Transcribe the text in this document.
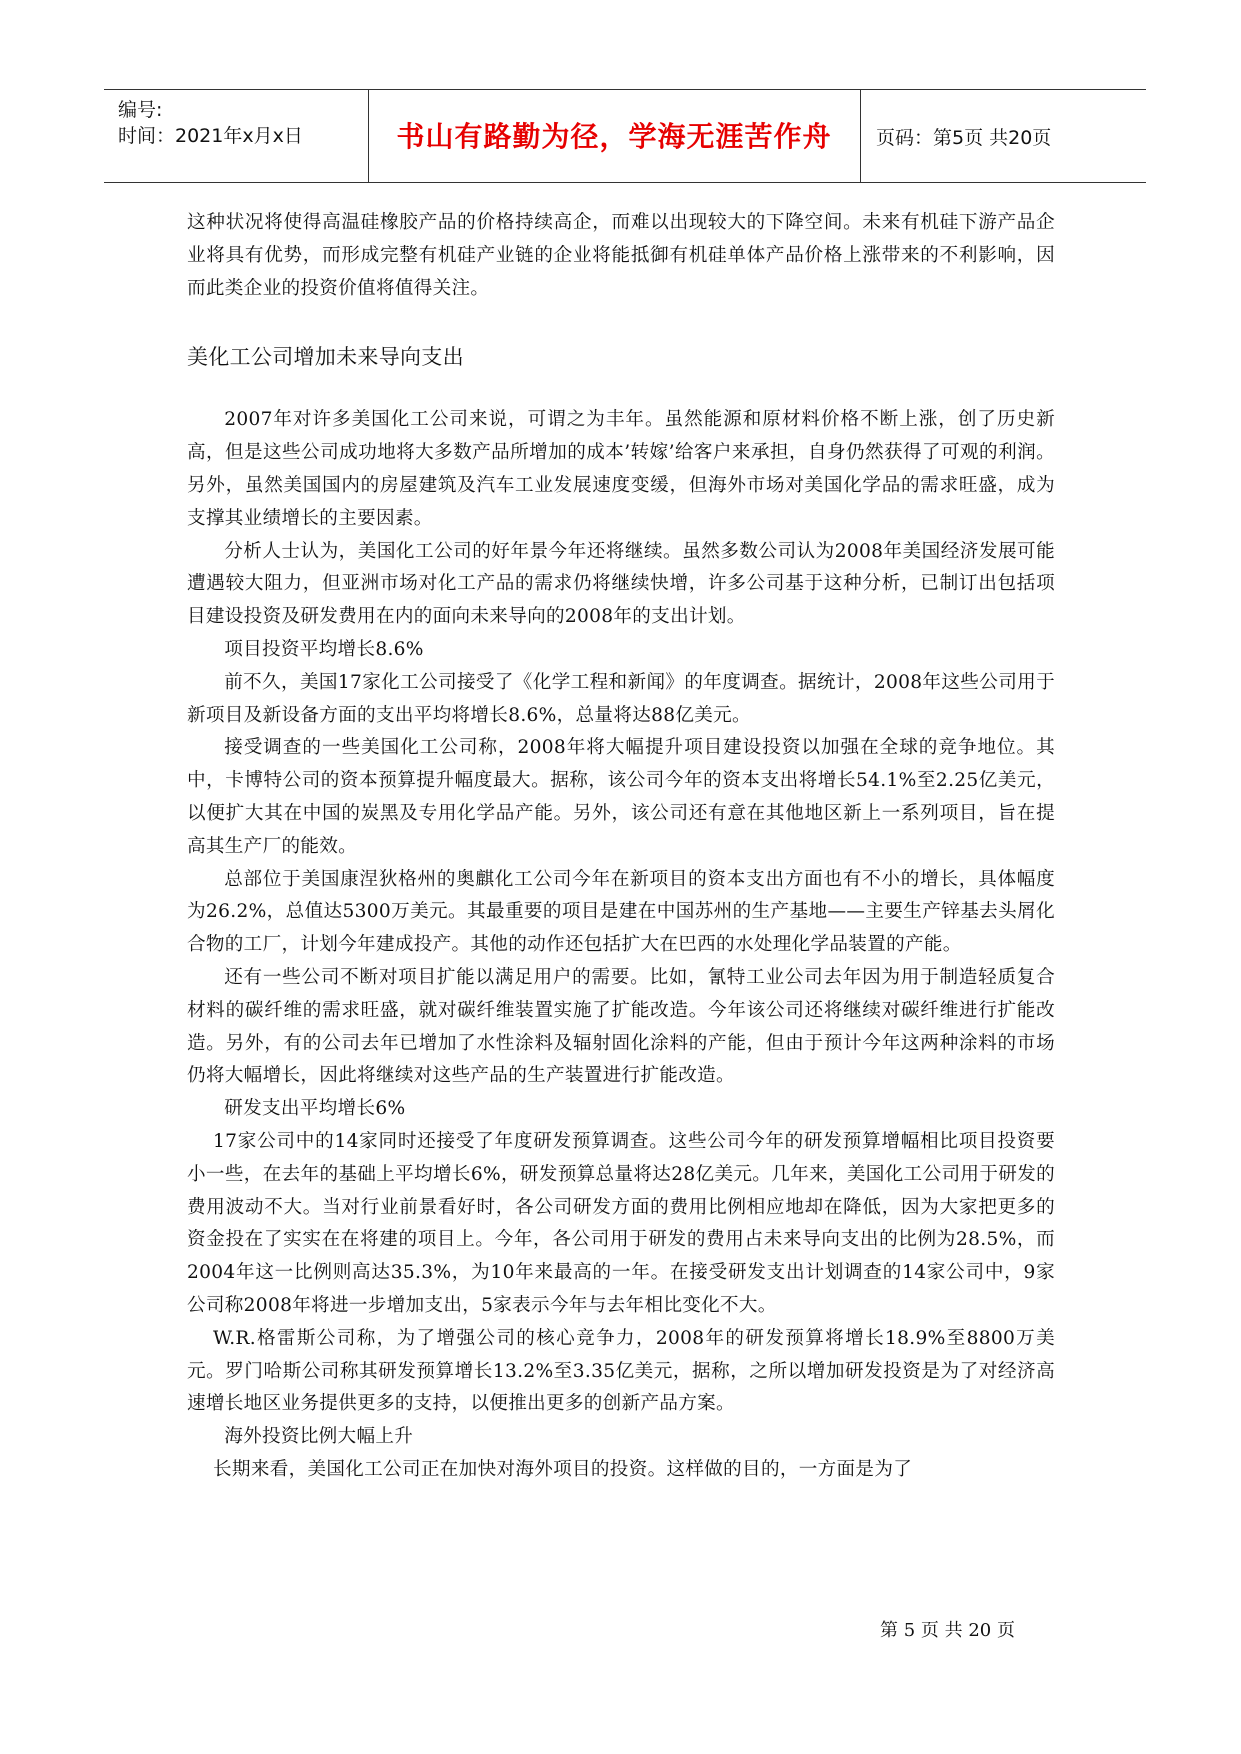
编号:
时间：2021年x月x日	书山有路勤为径，学海无涯苦作舟	页码：第5页 共20页

这种状况将使得高温硅橡胶产品的价格持续高企，而难以出现较大的下降空间。未来有机硅下游产品企业将具有优势，而形成完整有机硅产业链的企业将能抵御有机硅单体产品价格上涨带来的不利影响，因而此类企业的投资价值将值得关注。

美化工公司增加未来导向支出

2007年对许多美国化工公司来说，可谓之为丰年。虽然能源和原材料价格不断上涨，创了历史新高，但是这些公司成功地将大多数产品所增加的成本’转嫁’给客户来承担，自身仍然获得了可观的利润。另外，虽然美国国内的房屋建筑及汽车工业发展速度变缓，但海外市场对美国化学品的需求旺盛，成为支撑其业绩增长的主要因素。

分析人士认为，美国化工公司的好年景今年还将继续。虽然多数公司认为2008年美国经济发展可能遭遇较大阻力，但亚洲市场对化工产品的需求仍将继续快增，许多公司基于这种分析，已制订出包括项目建设投资及研发费用在内的面向未来导向的2008年的支出计划。

项目投资平均增长8.6%

前不久，美国17家化工公司接受了《化学工程和新闻》的年度调查。据统计，2008年这些公司用于新项目及新设备方面的支出平均将增长8.6%，总量将达88亿美元。

接受调查的一些美国化工公司称，2008年将大幅提升项目建设投资以加强在全球的竞争地位。其中，卡博特公司的资本预算提升幅度最大。据称，该公司今年的资本支出将增长54.1%至2.25亿美元，以便扩大其在中国的炭黑及专用化学品产能。另外，该公司还有意在其他地区新上一系列项目，旨在提高其生产厂的能效。

总部位于美国康涅狄格州的奥麒化工公司今年在新项目的资本支出方面也有不小的增长，具体幅度为26.2%，总值达5300万美元。其最重要的项目是建在中国苏州的生产基地——主要生产锌基去头屑化合物的工厂，计划今年建成投产。其他的动作还包括扩大在巴西的水处理化学品装置的产能。

还有一些公司不断对项目扩能以满足用户的需要。比如，氰特工业公司去年因为用于制造轻质复合材料的碳纤维的需求旺盛，就对碳纤维装置实施了扩能改造。今年该公司还将继续对碳纤维进行扩能改造。另外，有的公司去年已增加了水性涂料及辐射固化涂料的产能，但由于预计今年这两种涂料的市场仍将大幅增长，因此将继续对这些产品的生产装置进行扩能改造。

研发支出平均增长6%

17家公司中的14家同时还接受了年度研发预算调查。这些公司今年的研发预算增幅相比项目投资要小一些，在去年的基础上平均增长6%，研发预算总量将达28亿美元。几年来，美国化工公司用于研发的费用波动不大。当对行业前景看好时，各公司研发方面的费用比例相应地却在降低，因为大家把更多的资金投在了实实在在将建的项目上。今年，各公司用于研发的费用占未来导向支出的比例为28.5%，而2004年这一比例则高达35.3%，为10年来最高的一年。在接受研发支出计划调查的14家公司中，9家公司称2008年将进一步增加支出，5家表示今年与去年相比变化不大。

W.R.格雷斯公司称，为了增强公司的核心竞争力，2008年的研发预算将增长18.9%至8800万美元。罗门哈斯公司称其研发预算增长13.2%至3.35亿美元，据称，之所以增加研发投资是为了对经济高速增长地区业务提供更多的支持，以便推出更多的创新产品方案。

海外投资比例大幅上升

长期来看，美国化工公司正在加快对海外项目的投资。这样做的目的，一方面是为了

第 5 页 共 20 页
